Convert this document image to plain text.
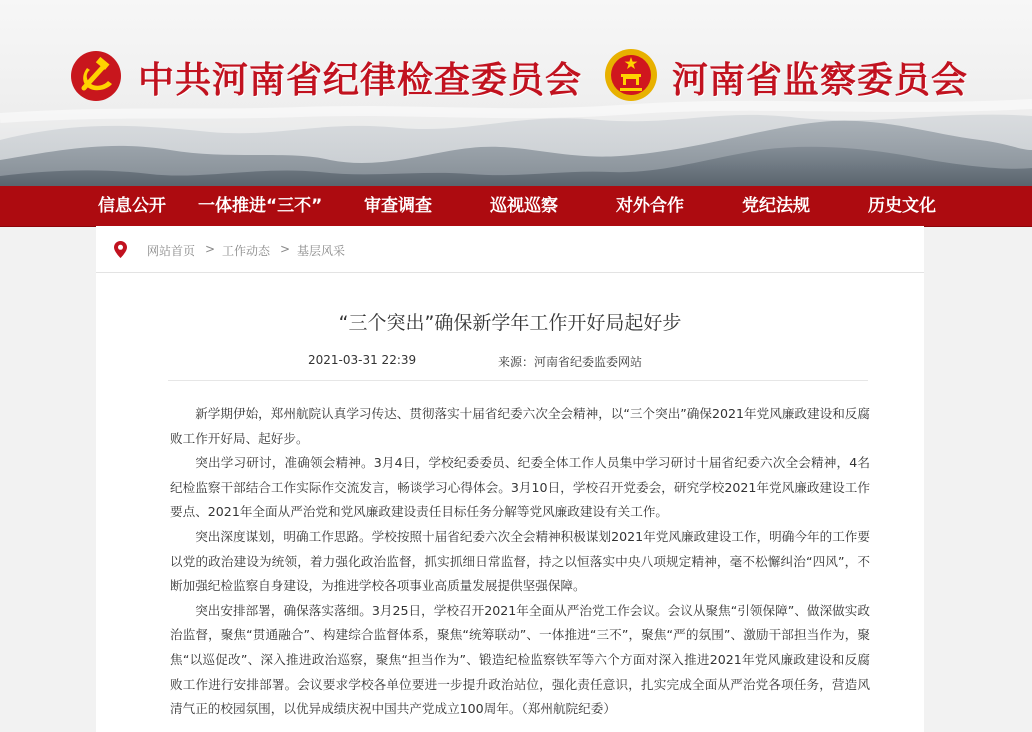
中共河南省纪律检查委员会 河南省监察委员会
信息公开 一体推进“三不” 审查调查	巡视巡察	对外合作	党纪法规	历史文化
网站首页 > 工作动态 > 基层风采
“三个突出”确保新学年工作开好局起好步
2021-03-31 22:39	来源：河南省纪委监委网站

新学期伊始，郑州航院认真学习传达、贯彻落实十届省纪委六次全会精神，以“三个突出”确保2021年党风廉政建设和反腐败工作开好局、起好步。

突出学习研讨，准确领会精神。3月4日，学校纪委委员、纪委全体工作人员集中学习研讨十届省纪委六次全会精神，4名纪检监察干部结合工作实际作交流发言，畅谈学习心得体会。3月10日，学校召开党委会，研究学校2021年党风廉政建设工作要点、2021年全面从严治党和党风廉政建设责任目标任务分解等党风廉政建设有关工作。

突出深度谋划，明确工作思路。学校按照十届省纪委六次全会精神积极谋划2021年党风廉政建设工作，明确今年的工作要以党的政治建设为统领，着力强化政治监督，抓实抓细日常监督，持之以恒落实中央八项规定精神，毫不松懈纠治“四风”，不断加强纪检监察自身建设，为推进学校各项事业高质量发展提供坚强保障。

突出安排部署，确保落实落细。3月25日，学校召开2021年全面从严治党工作会议。会议从聚焦“引领保障”、做深做实政治监督，聚焦“贯通融合”、构建综合监督体系，聚焦“统筹联动”、一体推进“三不”，聚焦“严的氛围”、激励干部担当作为，聚焦“以巡促改”、深入推进政治巡察，聚焦“担当作为”、锻造纪检监察铁军等六个方面对深入推进2021年党风廉政建设和反腐败工作进行安排部署。会议要求学校各单位要进一步提升政治站位，强化责任意识，扎实完成全面从严治党各项任务，营造风清气正的校园氛围，以优异成绩庆祝中国共产党成立100周年。（郑州航院纪委）
